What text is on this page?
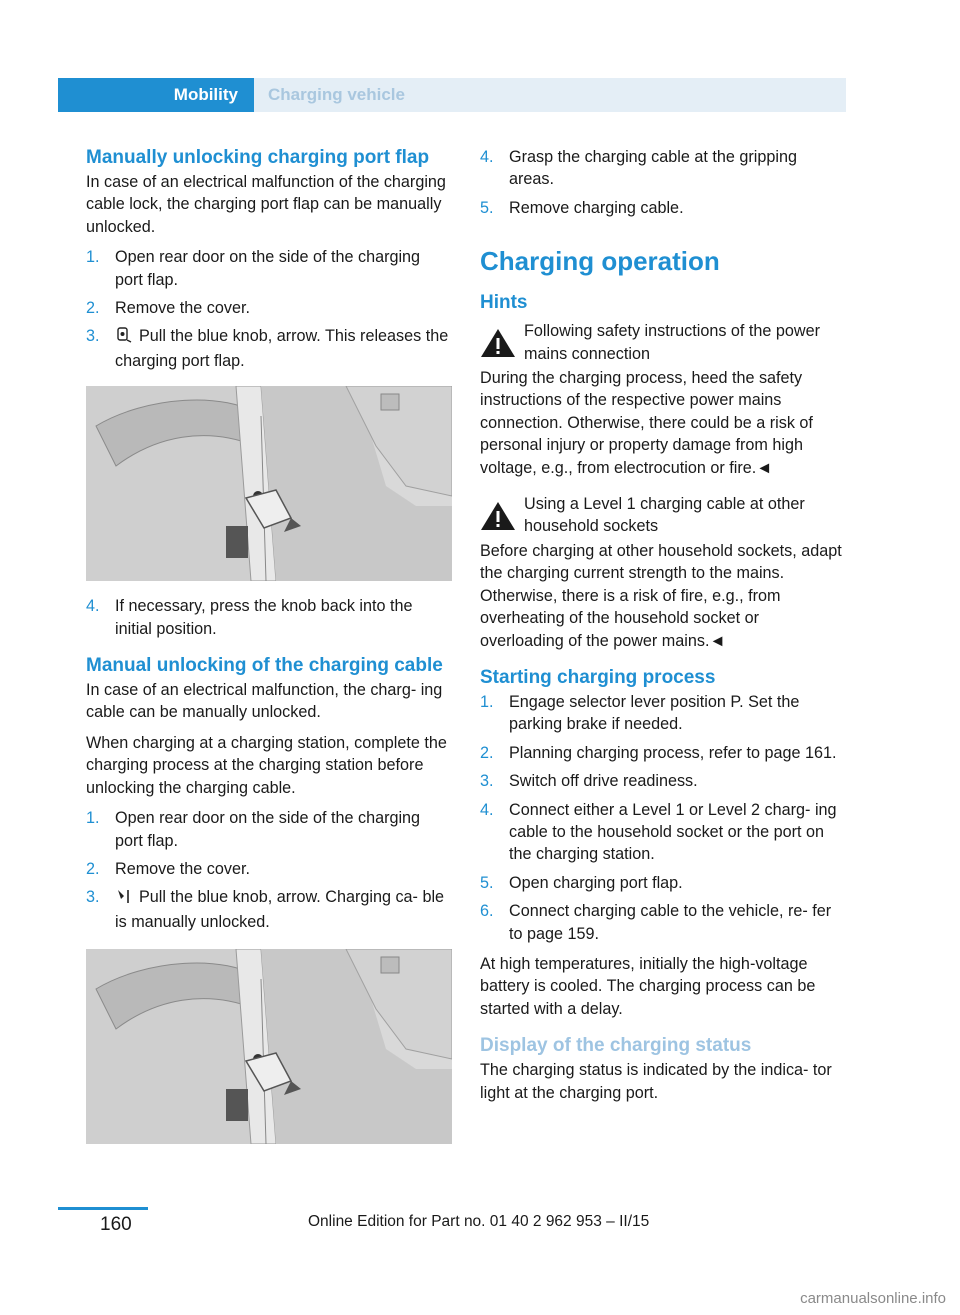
Mobility	Charging vehicle
Manually unlocking charging port flap

In case of an electrical malfunction of the charging cable lock, the charging port flap can be manually unlocked.

1. Open rear door on the side of the charging port flap.
2. Remove the cover.
3.	Pull the blue knob, arrow. This releases the charging port flap.
4. If necessary, press the knob back into the initial position.
Manual unlocking of the charging cable

In case of an electrical malfunction, the charg‐ ing cable can be manually unlocked.

When charging at a charging station, complete the charging process at the charging station before unlocking the charging cable.

1. Open rear door on the side of the charging port flap.
2. Remove the cover.
3.	Pull the blue knob, arrow. Charging ca‐ ble is manually unlocked.
4. Grasp the charging cable at the gripping areas.
5. Remove charging cable.
Charging operation
Hints
Following safety instructions of the power mains connection

During the charging process, heed the safety instructions of the respective power mains connection. Otherwise, there could be a risk of personal injury or property damage from high voltage, e.g., from electrocution or fire.◄

Using a Level 1 charging cable at other household sockets

Before charging at other household sockets, adapt the charging current strength to the mains. Otherwise, there is a risk of fire, e.g., from overheating of the household socket or overloading of the power mains.◄

Starting charging process
1. Engage selector lever position P. Set the parking brake if needed.
2. Planning charging process, refer to page 161.
3. Switch off drive readiness.
4. Connect either a Level 1 or Level 2 charg‐ ing cable to the household socket or the port on the charging station.
5. Open charging port flap.
6. Connect charging cable to the vehicle, re‐ fer to page 159.

At high temperatures, initially the high-voltage battery is cooled. The charging process can be started with a delay.

Display of the charging status

The charging status is indicated by the indica‐ tor light at the charging port.

160	Online Edition for Part no. 01 40 2 962 953 – II/15
carmanualsonline.info
